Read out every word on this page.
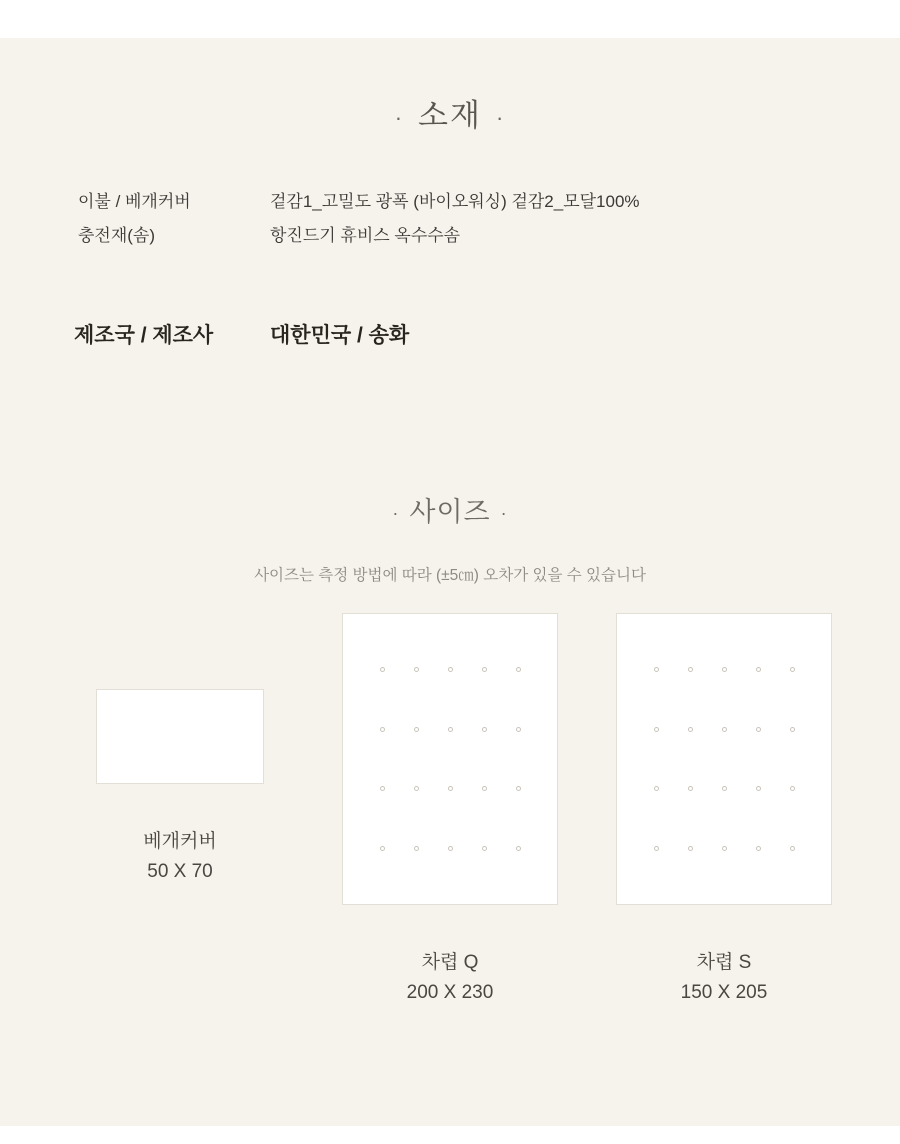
· 소재 ·
이불 / 베개커버	겉감1_고밀도 광폭 (바이오워싱) 겉감2_모달100%
충전재(솜)	항진드기 휴비스 옥수수솜
제조국 / 제조사	대한민국 / 송화
· 사이즈 ·

사이즈는 측정 방법에 따라 (±5㎝) 오차가 있을 수 있습니다

베개커버

50 X 70

차렵 Q

200 X 230

차렵 S

150 X 205
